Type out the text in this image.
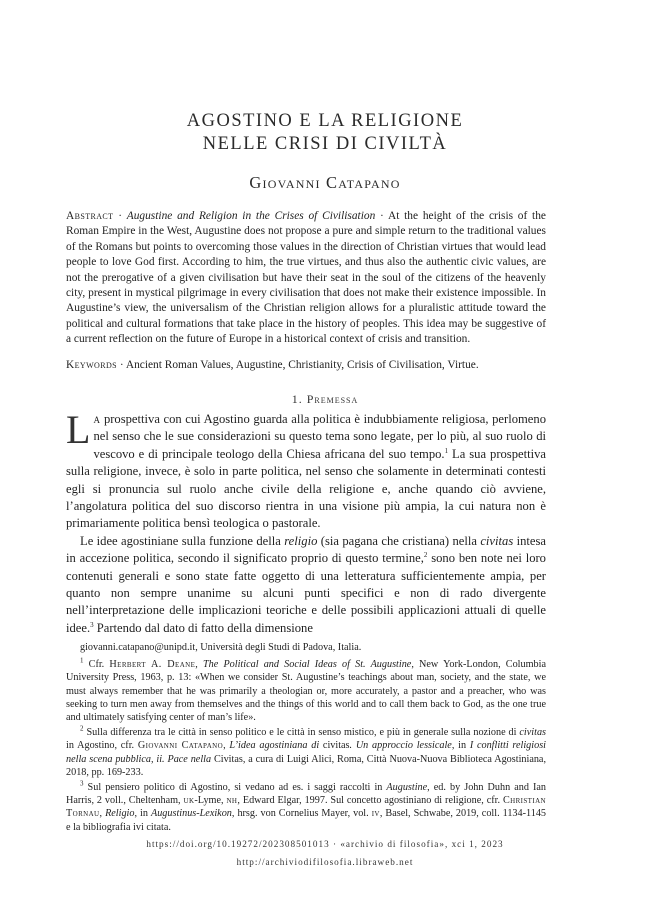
AGOSTINO E LA RELIGIONE
NELLE CRISI DI CIVILTÀ
Giovanni Catapano
Abstract · Augustine and Religion in the Crises of Civilisation · At the height of the crisis of the Roman Empire in the West, Augustine does not propose a pure and simple return to the traditional values of the Romans but points to overcoming those values in the direction of Christian virtues that would lead people to love God first. According to him, the true virtues, and thus also the authentic civic values, are not the prerogative of a given civilisation but have their seat in the soul of the citizens of the heavenly city, present in mystical pilgrimage in every civilisation that does not make their existence impossible. In Augustine’s view, the universalism of the Christian religion allows for a pluralistic attitude toward the political and cultural formations that take place in the history of peoples. This idea may be suggestive of a current reflection on the future of Europe in a historical context of crisis and transition.
Keywords · Ancient Roman Values, Augustine, Christianity, Crisis of Civilisation, Virtue.
1. Premessa

La prospettiva con cui Agostino guarda alla politica è indubbiamente religiosa, perlomeno nel senso che le sue considerazioni su questo tema sono legate, per lo più, al suo ruolo di vescovo e di principale teologo della Chiesa africana del suo tempo.$^1$ La sua prospettiva sulla religione, invece, è solo in parte politica, nel senso che solamente in determinati contesti egli si pronuncia sul ruolo anche civile della religione e, anche quando ciò avviene, l’angolatura politica del suo discorso rientra in una visione più ampia, la cui natura non è primariamente politica bensì teologica o pastorale.

Le idee agostiniane sulla funzione della religio (sia pagana che cristiana) nella civitas intesa in accezione politica, secondo il significato proprio di questo termine,$^2$ sono ben note nei loro contenuti generali e sono state fatte oggetto di una letteratura sufficientemente ampia, per quanto non sempre unanime su alcuni punti specifici e non di rado divergente nell’interpretazione delle implicazioni teoriche e delle possibili applicazioni attuali di quelle idee.$^3$ Partendo dal dato di fatto della dimensione

giovanni.catapano@unipd.it, Università degli Studi di Padova, Italia.

$^1$ Cfr. Herbert A. Deane, The Political and Social Ideas of St. Augustine, New York-London, Columbia University Press, 1963, p. 13: «When we consider St. Augustine’s teachings about man, society, and the state, we must always remember that he was primarily a theologian or, more accurately, a pastor and a preacher, who was seeking to turn men away from themselves and the things of this world and to call them back to God, as the one true and ultimately satisfying center of man’s life».

$^2$ Sulla differenza tra le città in senso politico e le città in senso mistico, e più in generale sulla nozione di civitas in Agostino, cfr. Giovanni Catapano, L’idea agostiniana di civitas. Un approccio lessicale, in I conflitti religiosi nella scena pubblica, ii. Pace nella Civitas, a cura di Luigi Alici, Roma, Città Nuova-Nuova Biblioteca Agostiniana, 2018, pp. 169-233.

$^3$ Sul pensiero politico di Agostino, si vedano ad es. i saggi raccolti in Augustine, ed. by John Duhn and Ian Harris, 2 voll., Cheltenham, uk-Lyme, nh, Edward Elgar, 1997. Sul concetto agostiniano di religione, cfr. Christian Tornau, Religio, in Augustinus-Lexikon, hrsg. von Cornelius Mayer, vol. iv, Basel, Schwabe, 2019, coll. 1134-1145 e la bibliografia ivi citata.

https://doi.org/10.19272/202308501013 · «archivio di filosofia», xci 1, 2023
http://archiviodifilosofia.libraweb.net
